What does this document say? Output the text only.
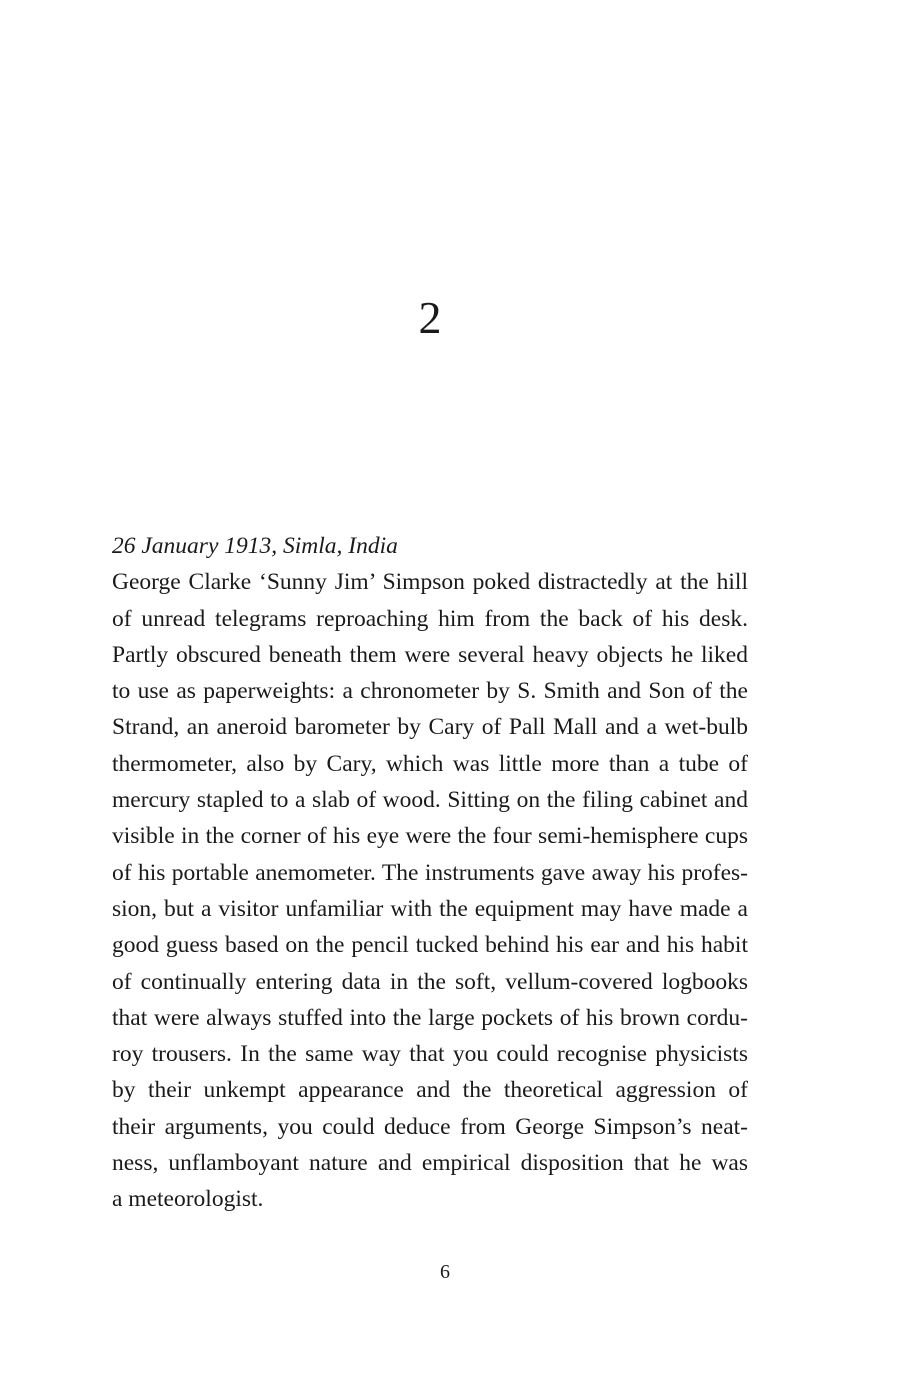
2

26 January 1913, Simla, India

George Clarke ‘Sunny Jim’ Simpson poked distractedly at the hill
of unread telegrams reproaching him from the back of his desk.
Partly obscured beneath them were several heavy objects he liked
to use as paperweights: a chronometer by S. Smith and Son of the
Strand, an aneroid barometer by Cary of Pall Mall and a wet-bulb
thermometer, also by Cary, which was little more than a tube of
mercury stapled to a slab of wood. Sitting on the filing cabinet and
visible in the corner of his eye were the four semi-hemisphere cups
of his portable anemometer. The instruments gave away his profes-
sion, but a visitor unfamiliar with the equipment may have made a
good guess based on the pencil tucked behind his ear and his habit
of continually entering data in the soft, vellum-covered logbooks
that were always stuffed into the large pockets of his brown cordu-
roy trousers. In the same way that you could recognise physicists
by their unkempt appearance and the theoretical aggression of
their arguments, you could deduce from George Simpson’s neat-
ness, unflamboyant nature and empirical disposition that he was
a meteorologist.

6
